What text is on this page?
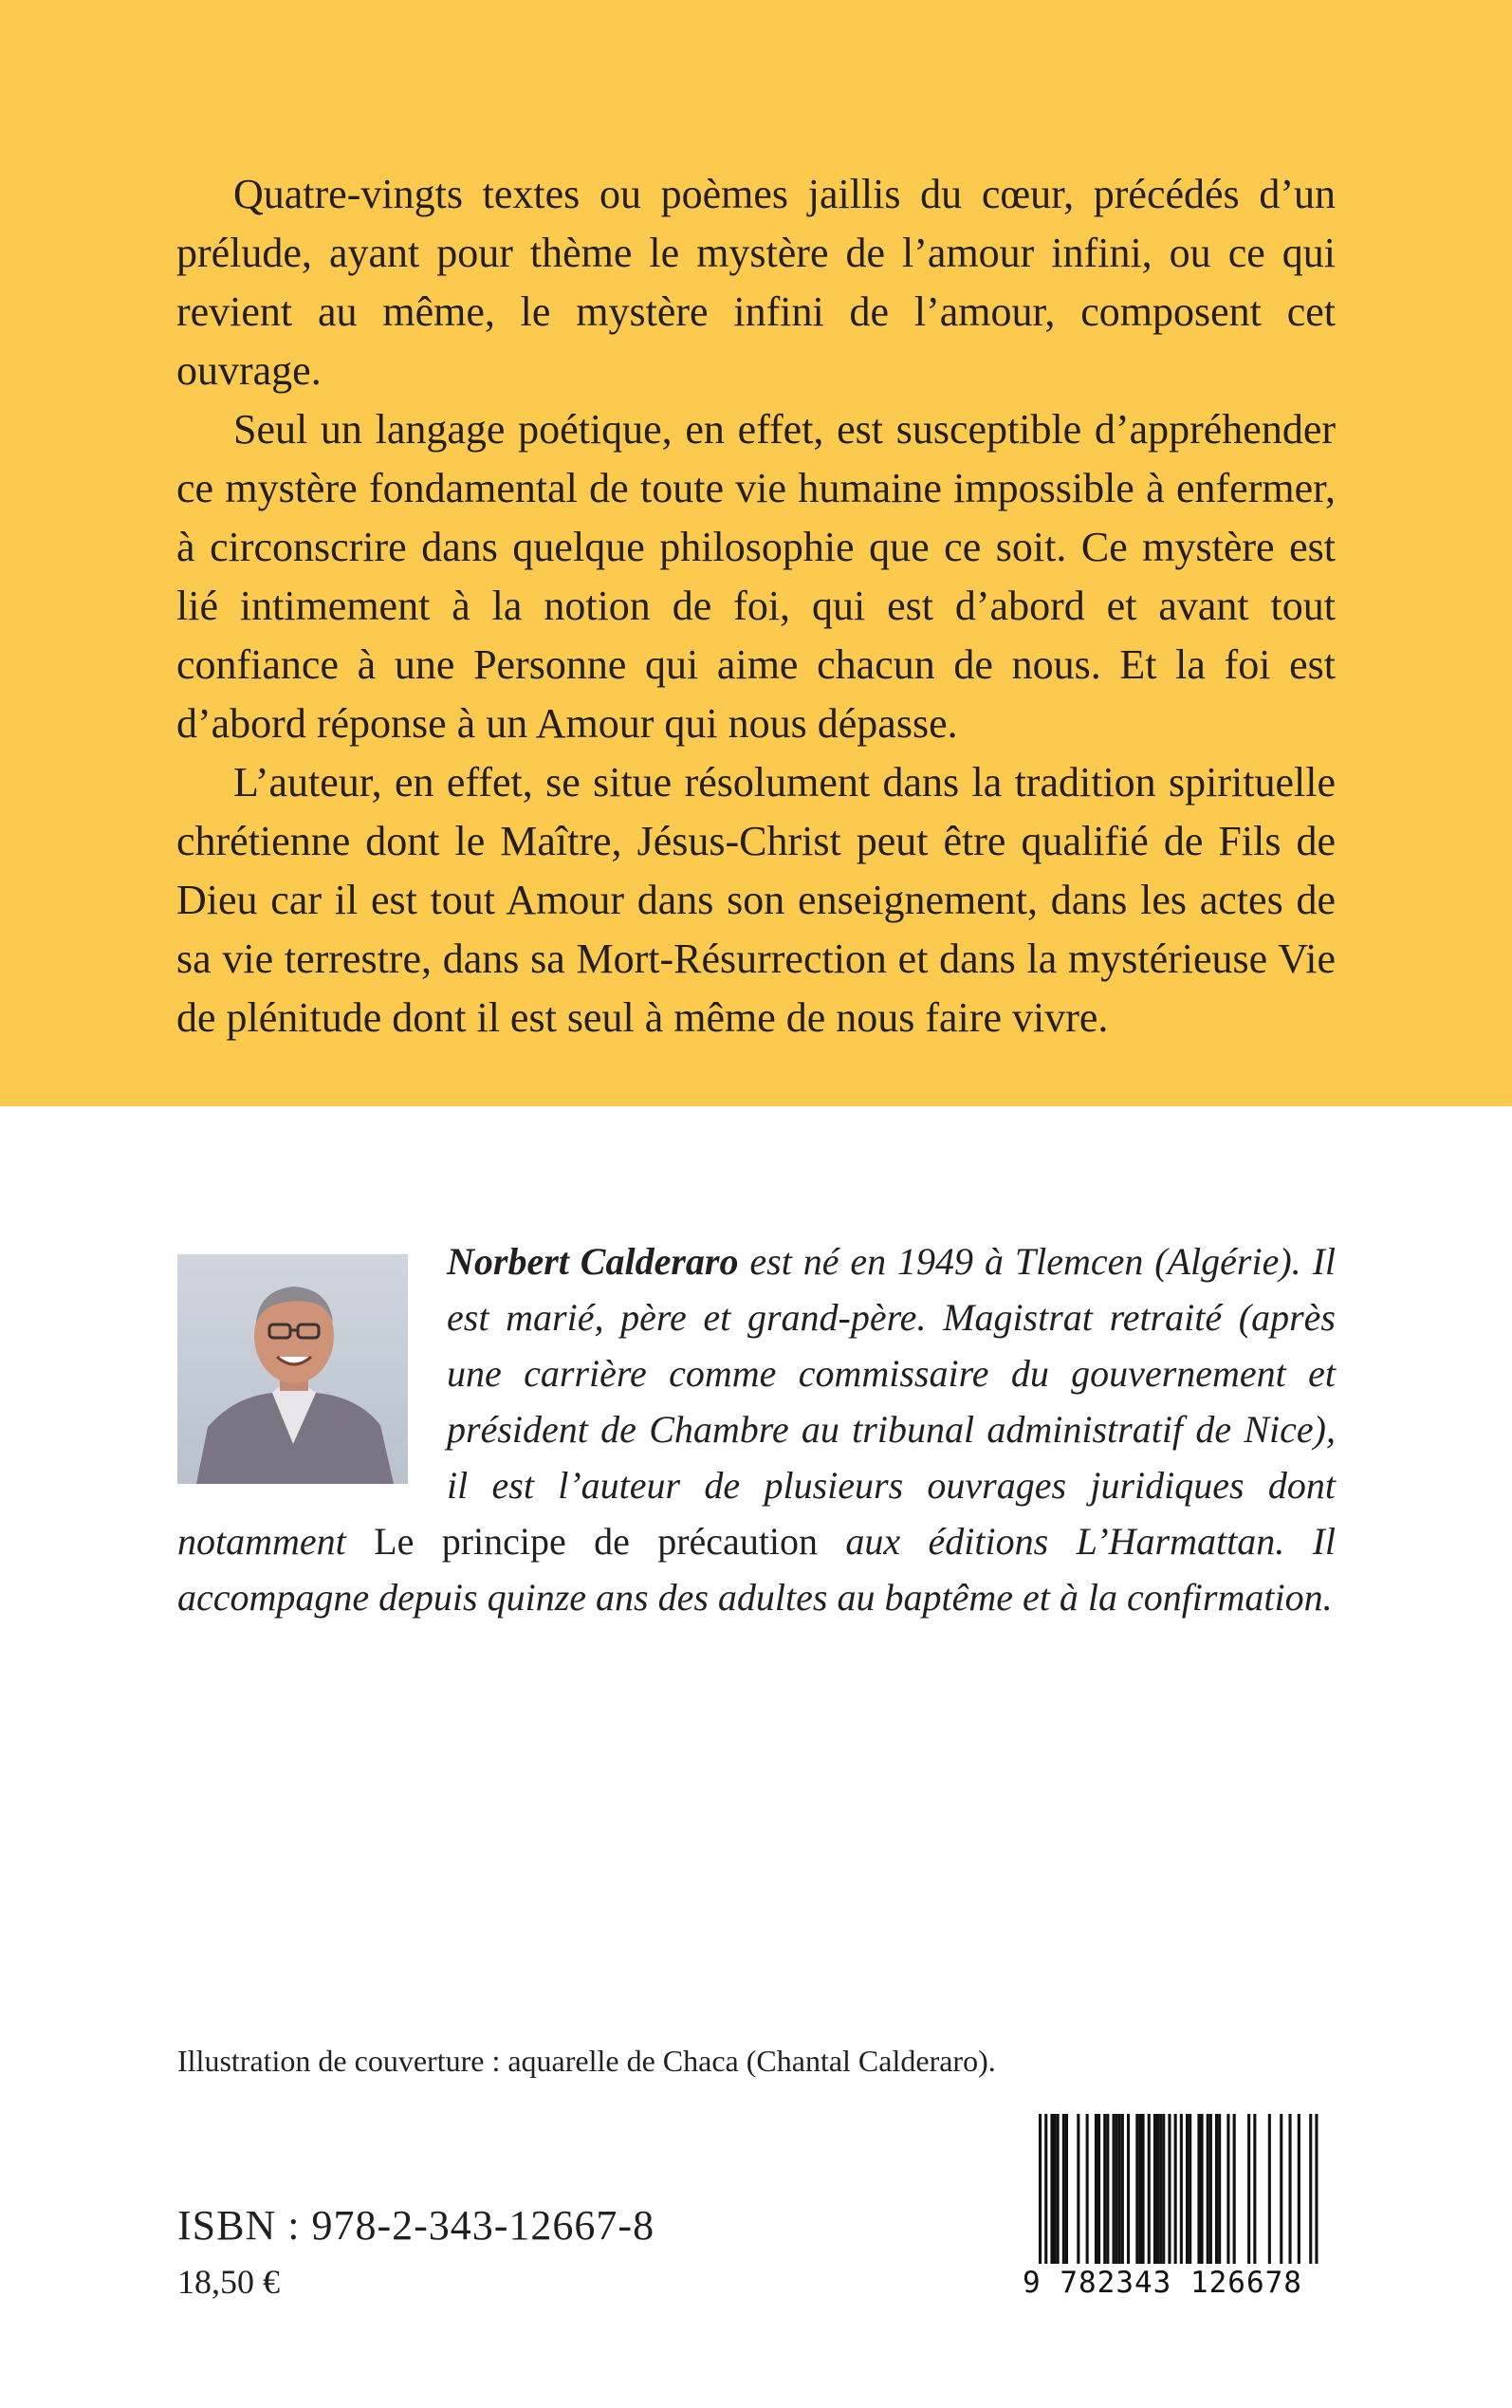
Quatre-vingts textes ou poèmes jaillis du cœur, précédés d’un prélude, ayant pour thème le mystère de l’amour infini, ou ce qui revient au même, le mystère infini de l’amour, composent cet ouvrage.

Seul un langage poétique, en effet, est susceptible d’appréhender ce mystère fondamental de toute vie humaine impossible à enfermer, à circonscrire dans quelque philosophie que ce soit. Ce mystère est lié intimement à la notion de foi, qui est d’abord et avant tout confiance à une Personne qui aime chacun de nous. Et la foi est d’abord réponse à un Amour qui nous dépasse.

L’auteur, en effet, se situe résolument dans la tradition spirituelle chrétienne dont le Maître, Jésus-Christ peut être qualifié de Fils de Dieu car il est tout Amour dans son enseignement, dans les actes de sa vie terrestre, dans sa Mort-Résurrection et dans la mystérieuse Vie de plénitude dont il est seul à même de nous faire vivre.

Norbert Calderaro est né en 1949 à Tlemcen (Algérie). Il est marié, père et grand-père. Magistrat retraité (après une carrière comme commissaire du gouvernement et président de Chambre au tribunal administratif de Nice), il est l’auteur de plusieurs ouvrages juridiques dont notamment Le principe de précaution aux éditions L’Harmattan. Il accompagne depuis quinze ans des adultes au baptême et à la confirmation.
Illustration de couverture : aquarelle de Chaca (Chantal Calderaro).
ISBN : 978-2-343-12667-8
18,50 €	9 782343 126678
